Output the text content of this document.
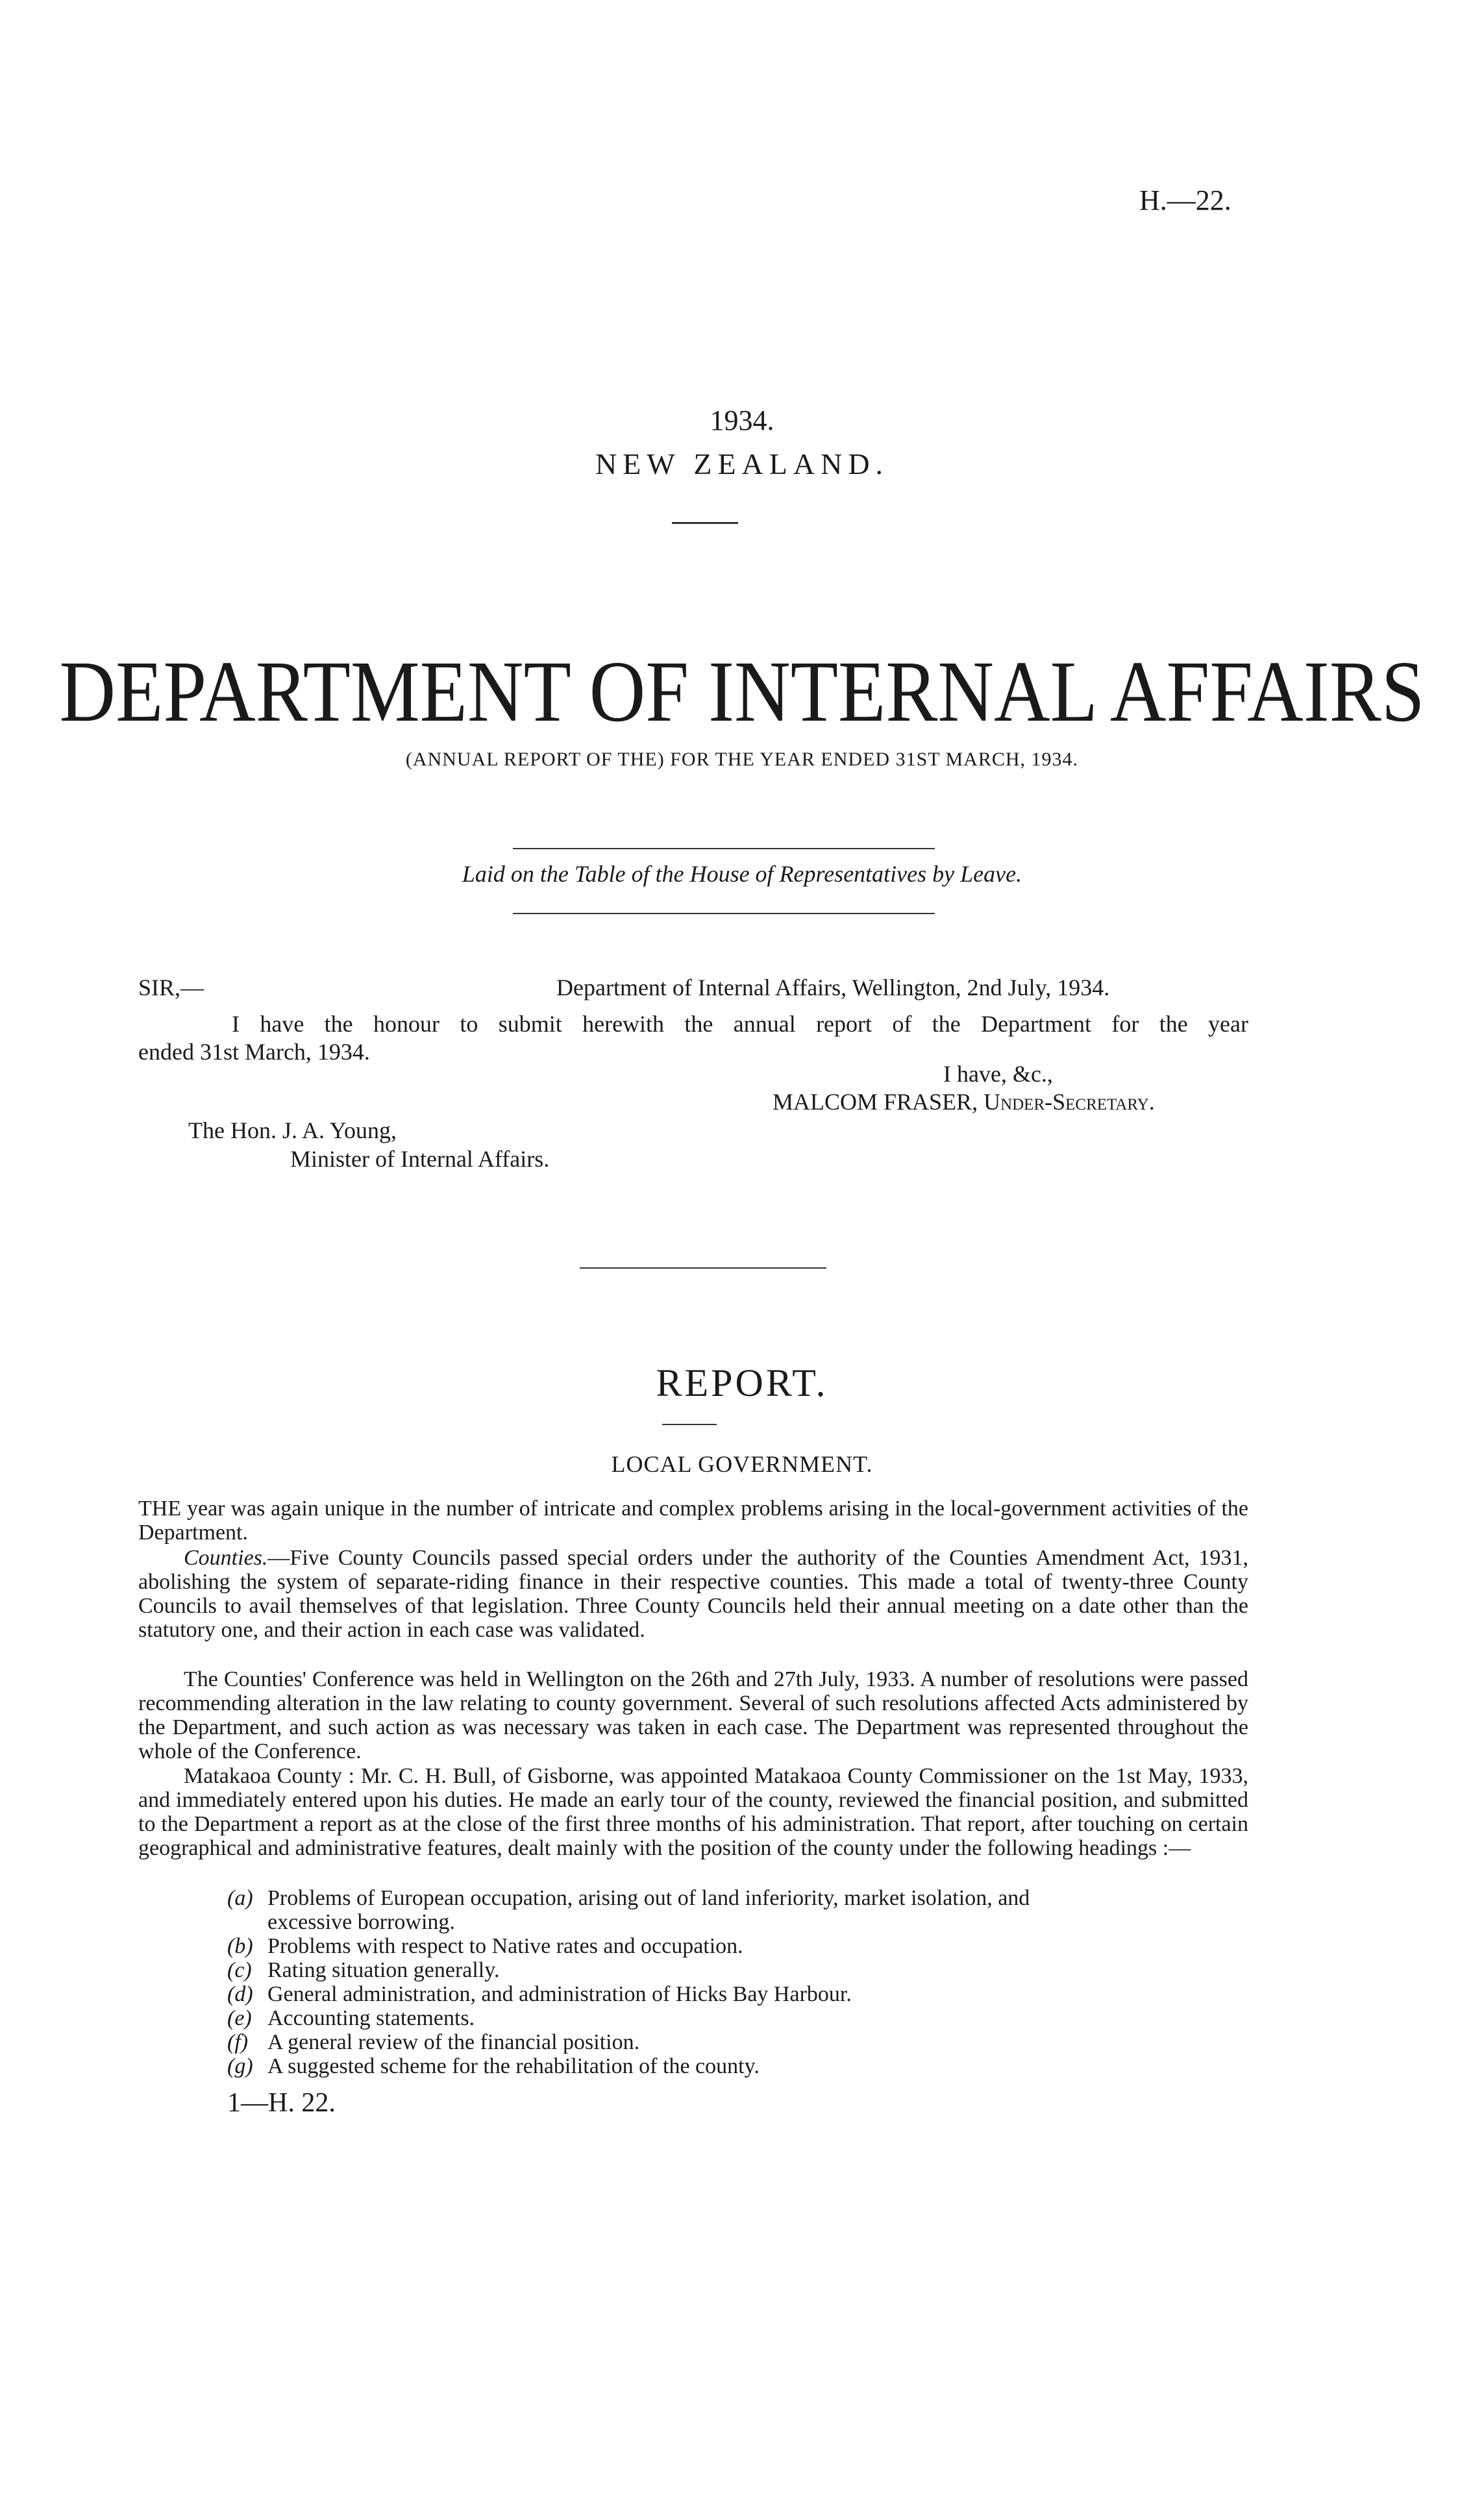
H.—22.
1934.
NEW ZEALAND.
DEPARTMENT OF INTERNAL AFFAIRS
(ANNUAL REPORT OF THE) FOR THE YEAR ENDED 31ST MARCH, 1934.
Laid on the Table of the House of Representatives by Leave.
SIR,—	Department of Internal Affairs, Wellington, 2nd July, 1934.
I have the honour to submit herewith the annual report of the Department for the year
ended 31st March, 1934.
I have, &c.,
MALCOM FRASER, Under-Secretary.
The Hon. J. A. Young,
Minister of Internal Affairs.
REPORT.
LOCAL GOVERNMENT.

THE year was again unique in the number of intricate and complex problems arising in the local-government activities of the Department.

Counties.—Five County Councils passed special orders under the authority of the Counties Amendment Act, 1931, abolishing the system of separate-riding finance in their respective counties. This made a total of twenty-three County Councils to avail themselves of that legislation. Three County Councils held their annual meeting on a date other than the statutory one, and their action in each case was validated.

The Counties' Conference was held in Wellington on the 26th and 27th July, 1933. A number of resolutions were passed recommending alteration in the law relating to county government. Several of such resolutions affected Acts administered by the Department, and such action as was necessary was taken in each case. The Department was represented throughout the whole of the Conference.

Matakaoa County : Mr. C. H. Bull, of Gisborne, was appointed Matakaoa County Commissioner on the 1st May, 1933, and immediately entered upon his duties. He made an early tour of the county, reviewed the financial position, and submitted to the Department a report as at the close of the first three months of his administration. That report, after touching on certain geographical and administrative features, dealt mainly with the position of the county under the following headings :—

(a) Problems of European occupation, arising out of land inferiority, market isolation, and
excessive borrowing.
(b) Problems with respect to Native rates and occupation.
(c) Rating situation generally.
(d) General administration, and administration of Hicks Bay Harbour.
(e) Accounting statements.
(f) A general review of the financial position.
(g) A suggested scheme for the rehabilitation of the county.
1—H. 22.
